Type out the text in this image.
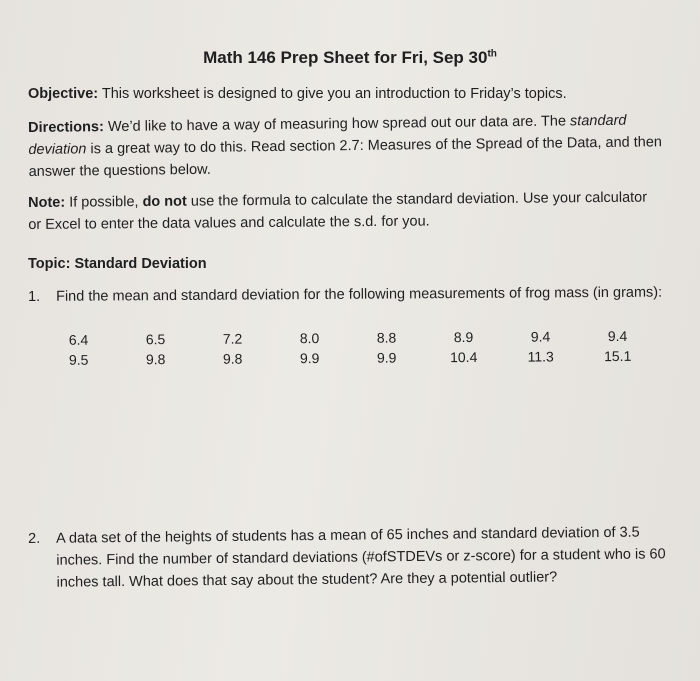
Math 146 Prep Sheet for Fri, Sep 30th

Objective: This worksheet is designed to give you an introduction to Friday’s topics.

Directions: We’d like to have a way of measuring how spread out our data are. The standard deviation is a great way to do this. Read section 2.7: Measures of the Spread of the Data, and then answer the questions below.

Note: If possible, do not use the formula to calculate the standard deviation. Use your calculator or Excel to enter the data values and calculate the s.d. for you.

Topic: Standard Deviation
1. Find the mean and standard deviation for the following measurements of frog mass (in grams):
6.4	6.5	7.2	8.0	8.8	8.9	9.4	9.4
9.5	9.8	9.8	9.9	9.9	10.4	11.3	15.1
2. A data set of the heights of students has a mean of 65 inches and standard deviation of 3.5 inches. Find the number of standard deviations (#ofSTDEVs or z-score) for a student who is 60 inches tall. What does that say about the student? Are they a potential outlier?
